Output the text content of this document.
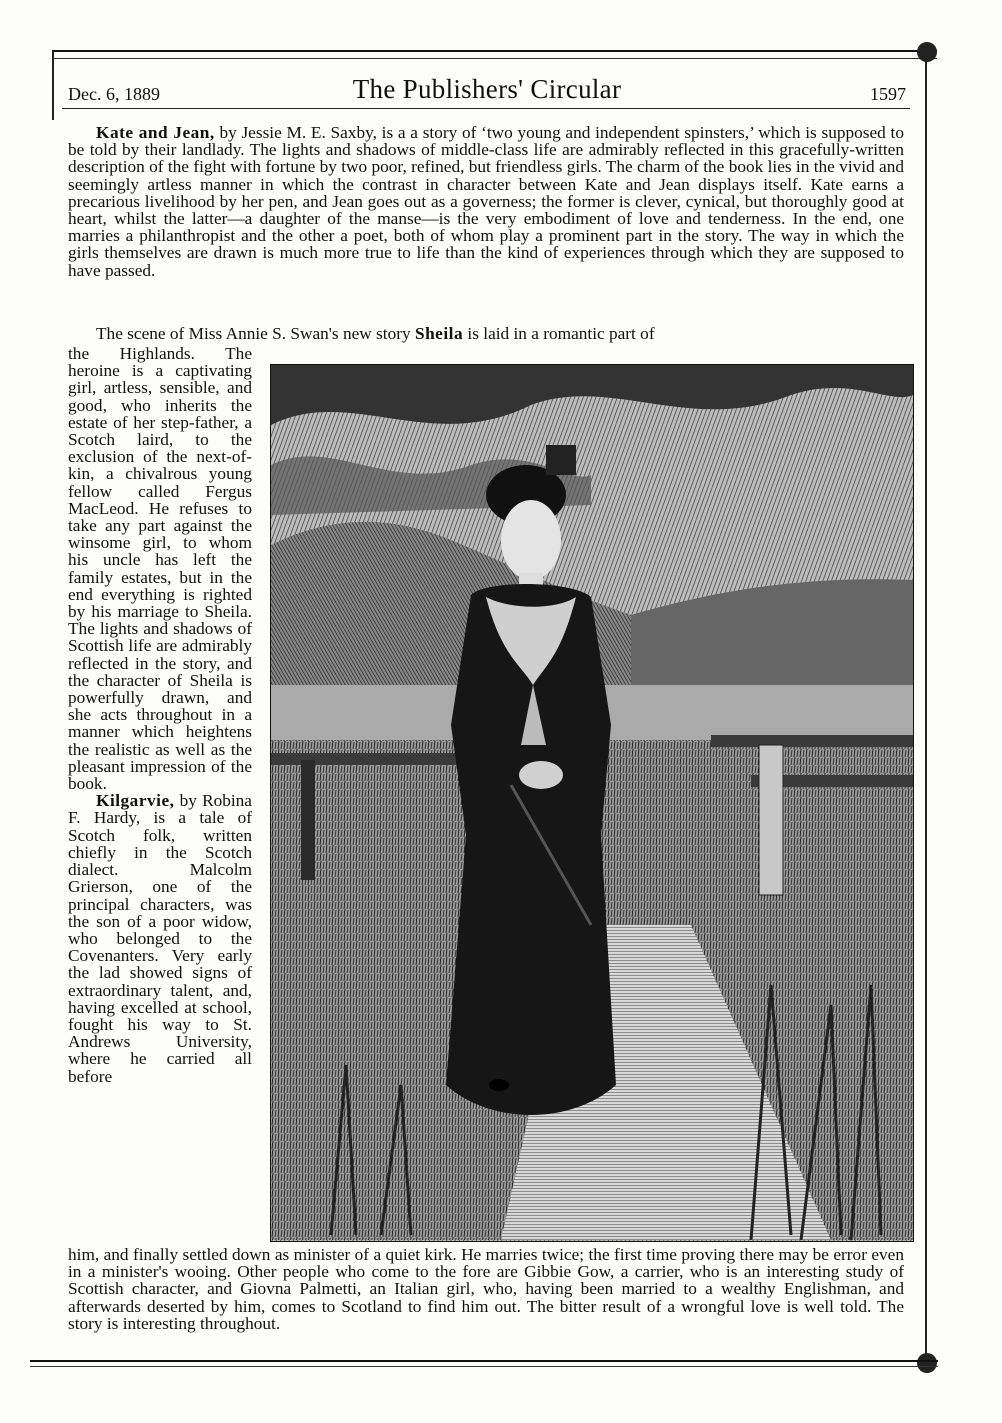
Dec. 6, 1889	The Publishers' Circular	1597

Kate and Jean, by Jessie M. E. Saxby, is a a story of ‘two young and independent spinsters,’ which is supposed to be told by their landlady. The lights and shadows of middle-class life are admirably reflected in this gracefully-written description of the fight with fortune by two poor, refined, but friendless girls. The charm of the book lies in the vivid and seemingly artless manner in which the contrast in character between Kate and Jean displays itself. Kate earns a precarious livelihood by her pen, and Jean goes out as a governess; the former is clever, cynical, but thoroughly good at heart, whilst the latter—a daughter of the manse—is the very embodiment of love and tenderness. In the end, one marries a philanthropist and the other a poet, both of whom play a prominent part in the story. The way in which the girls themselves are drawn is much more true to life than the kind of experiences through which they are supposed to have passed.

The scene of Miss Annie S. Swan's new story Sheila is laid in a romantic part of

the Highlands. The heroine is a captivating girl, artless, sensible, and good, who inherits the estate of her step-father, a Scotch laird, to the exclusion of the next-of-kin, a chivalrous young fellow called Fergus MacLeod. He refuses to take any part against the winsome girl, to whom his uncle has left the family estates, but in the end everything is righted by his marriage to Sheila. The lights and shadows of Scottish life are admirably reflected in the story, and the character of Sheila is powerfully drawn, and she acts throughout in a manner which heightens the realistic as well as the pleasant impression of the book.

Kilgarvie, by Robina F. Hardy, is a tale of Scotch folk, written chiefly in the Scotch dialect. Malcolm Grierson, one of the principal characters, was the son of a poor widow, who belonged to the Covenanters. Very early the lad showed signs of extraordinary talent, and, having excelled at school, fought his way to St. Andrews University, where he carried all before

him, and finally settled down as minister of a quiet kirk. He marries twice; the first time proving there may be error even in a minister's wooing. Other people who come to the fore are Gibbie Gow, a carrier, who is an interesting study of Scottish character, and Giovna Palmetti, an Italian girl, who, having been married to a wealthy Englishman, and afterwards deserted by him, comes to Scotland to find him out. The bitter result of a wrongful love is well told. The story is interesting throughout.
